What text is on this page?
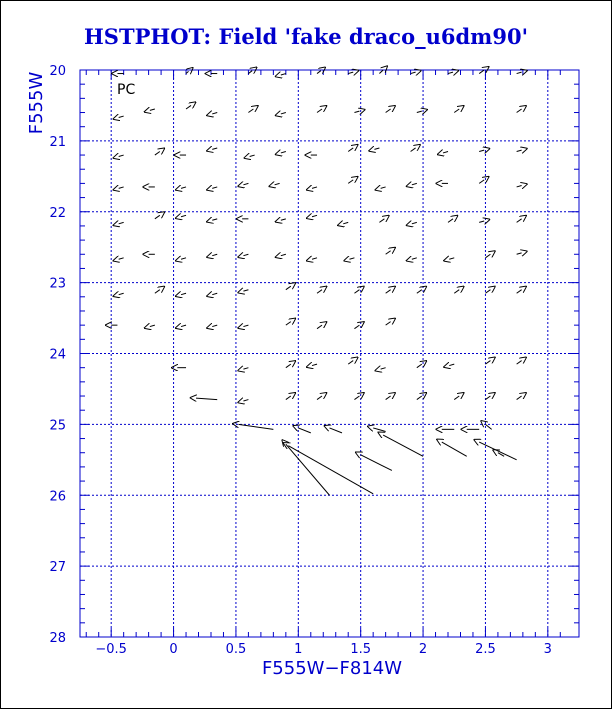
HSTPHOT: Field 'fake draco_u6dm90'
−0.5	0	0.5	1	1.5	2	2.5	3
20
21
22
23
24
25
26
27
28
PC
F555W−F814W
F555W
